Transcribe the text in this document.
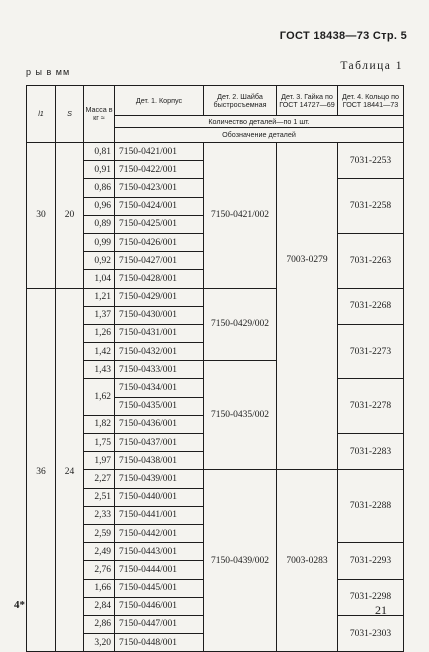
ГОСТ 18438—73 Стр. 5
Таблица 1
р ы в мм
l1	S	Масса в кг ≈	Дет. 1. Корпус	Дет. 2. Шайба быстросъемная	Дет. 3. Гайка по ГОСТ 14727—69	Дет. 4. Кольцо по ГОСТ 18441—73
			Количество деталей—по 1 шт.			
			Обозначение деталей			
30	20	0,81	7150-0421/001	7150-0421/002	7003-0279	7031-2253
		0,91	7150-0422/001			
		0,86	7150-0423/001			7031-2258
		0,96	7150-0424/001			
		0,89	7150-0425/001			
		0,99	7150-0426/001			7031-2263
		0,92	7150-0427/001			
		1,04	7150-0428/001			
36	24	1,21	7150-0429/001	7150-0429/002		7031-2268
		1,37	7150-0430/001			
		1,26	7150-0431/001			7031-2273
		1,42	7150-0432/001			
		1,43	7150-0433/001	7150-0435/002		
		1,62	7150-0434/001			7031-2278
			7150-0435/001			
		1,82	7150-0436/001			
		1,75	7150-0437/001			7031-2283
		1,97	7150-0438/001			
		2,27	7150-0439/001	7150-0439/002	7003-0283	7031-2288
		2,51	7150-0440/001			
		2,33	7150-0441/001			
		2,59	7150-0442/001			
		2,49	7150-0443/001			7031-2293
		2,76	7150-0444/001			
		1,66	7150-0445/001			7031-2298
		2,84	7150-0446/001			
		2,86	7150-0447/001			7031-2303
		3,20	7150-0448/001			
4*	21
